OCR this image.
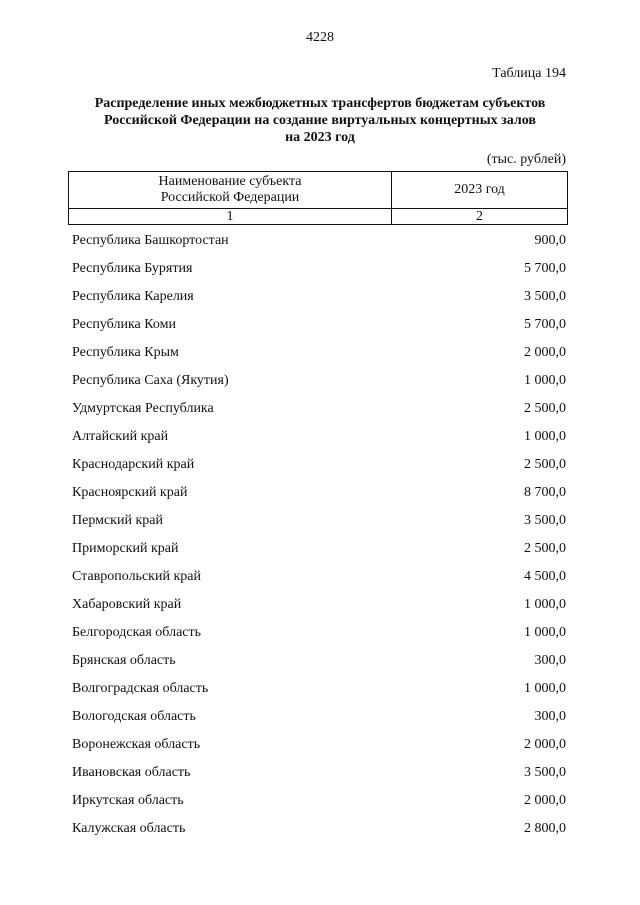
4228
Таблица 194
Распределение иных межбюджетных трансфертов бюджетам субъектов
Российской Федерации на создание виртуальных концертных залов
на 2023 год
(тыс. рублей)
Наименование субъекта
Российской Федерации	2023 год
1	2
Республика Башкортостан	900,0
Республика Бурятия	5 700,0
Республика Карелия	3 500,0
Республика Коми	5 700,0
Республика Крым	2 000,0
Республика Саха (Якутия)	1 000,0
Удмуртская Республика	2 500,0
Алтайский край	1 000,0
Краснодарский край	2 500,0
Красноярский край	8 700,0
Пермский край	3 500,0
Приморский край	2 500,0
Ставропольский край	4 500,0
Хабаровский край	1 000,0
Белгородская область	1 000,0
Брянская область	300,0
Волгоградская область	1 000,0
Вологодская область	300,0
Воронежская область	2 000,0
Ивановская область	3 500,0
Иркутская область	2 000,0
Калужская область	2 800,0
